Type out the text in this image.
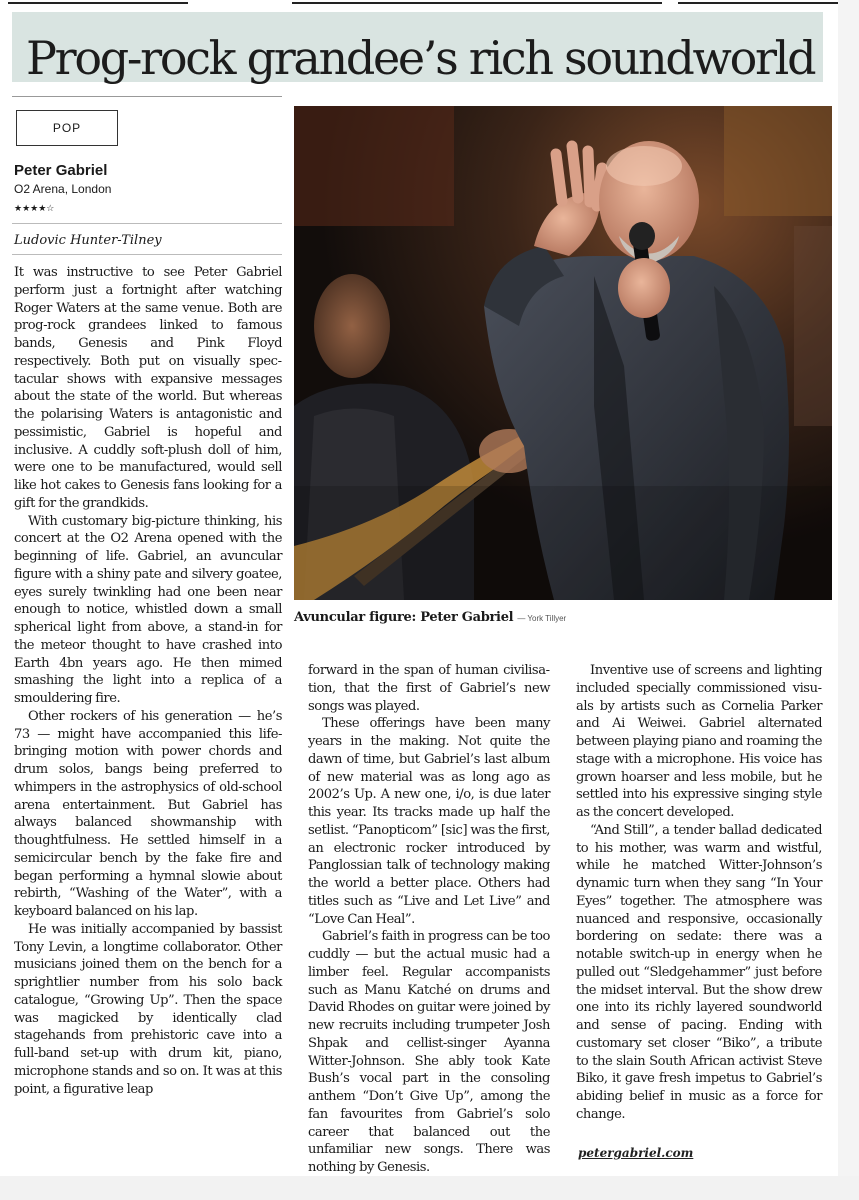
Prog-rock grandee’s rich soundworld
POP
Peter Gabriel
O2 Arena, London
★★★★☆
Ludovic Hunter-Tilney

It was instructive to see Peter Gabriel perform just a fortnight after watching Roger Waters at the same venue. Both are prog-rock grandees linked to famous bands, Genesis and Pink Floyd respectively. Both put on visually spectacular shows with expansive messages about the state of the world. But whereas the polarising Waters is antagonistic and pessimistic, Gabriel is hopeful and inclusive. A cuddly soft-plush doll of him, were one to be manufactured, would sell like hot cakes to Genesis fans looking for a gift for the grandkids.

With customary big-picture thinking, his concert at the O2 Arena opened with the beginning of life. Gabriel, an avuncular figure with a shiny pate and silvery goatee, eyes surely twinkling had one been near enough to notice, whistled down a small spherical light from above, a stand-in for the meteor thought to have crashed into Earth 4bn years ago. He then mimed smashing the light into a replica of a smouldering fire.

Other rockers of his generation — he’s 73 — might have accompanied this life-bringing motion with power chords and drum solos, bangs being preferred to whimpers in the astrophysics of old-school arena entertainment. But Gabriel has always balanced showmanship with thoughtfulness. He settled himself in a semicircular bench by the fake fire and began performing a hymnal slowie about rebirth, “Washing of the Water”, with a keyboard balanced on his lap.

He was initially accompanied by bassist Tony Levin, a longtime collaborator. Other musicians joined them on the bench for a sprightlier number from his solo back catalogue, “Growing Up”. Then the space was magicked by identically clad stagehands from prehistoric cave into a full-band set-up with drum kit, piano, microphone stands and so on. It was at this point, a figurative leap

Avuncular figure: Peter Gabriel — York Tillyer

forward in the span of human civilisation, that the first of Gabriel’s new songs was played.

These offerings have been many years in the making. Not quite the dawn of time, but Gabriel’s last album of new material was as long ago as 2002’s Up. A new one, i/o, is due later this year. Its tracks made up half the setlist. “Panopticom” [sic] was the first, an electronic rocker introduced by Panglossian talk of technology making the world a better place. Others had titles such as “Live and Let Live” and “Love Can Heal”.

Gabriel’s faith in progress can be too cuddly — but the actual music had a limber feel. Regular accompanists such as Manu Katché on drums and David Rhodes on guitar were joined by new recruits including trumpeter Josh Shpak and cellist-singer Ayanna Witter-Johnson. She ably took Kate Bush’s vocal part in the consoling anthem “Don’t Give Up”, among the fan favourites from Gabriel’s solo career that balanced out the unfamiliar new songs. There was nothing by Genesis.

Inventive use of screens and lighting included specially commissioned visuals by artists such as Cornelia Parker and Ai Weiwei. Gabriel alternated between playing piano and roaming the stage with a microphone. His voice has grown hoarser and less mobile, but he settled into his expressive singing style as the concert developed.

“And Still”, a tender ballad dedicated to his mother, was warm and wistful, while he matched Witter-Johnson’s dynamic turn when they sang “In Your Eyes” together. The atmosphere was nuanced and responsive, occasionally bordering on sedate: there was a notable switch-up in energy when he pulled out “Sledgehammer” just before the midset interval. But the show drew one into its richly layered soundworld and sense of pacing. Ending with customary set closer “Biko”, a tribute to the slain South African activist Steve Biko, it gave fresh impetus to Gabriel’s abiding belief in music as a force for change.

petergabriel.com
